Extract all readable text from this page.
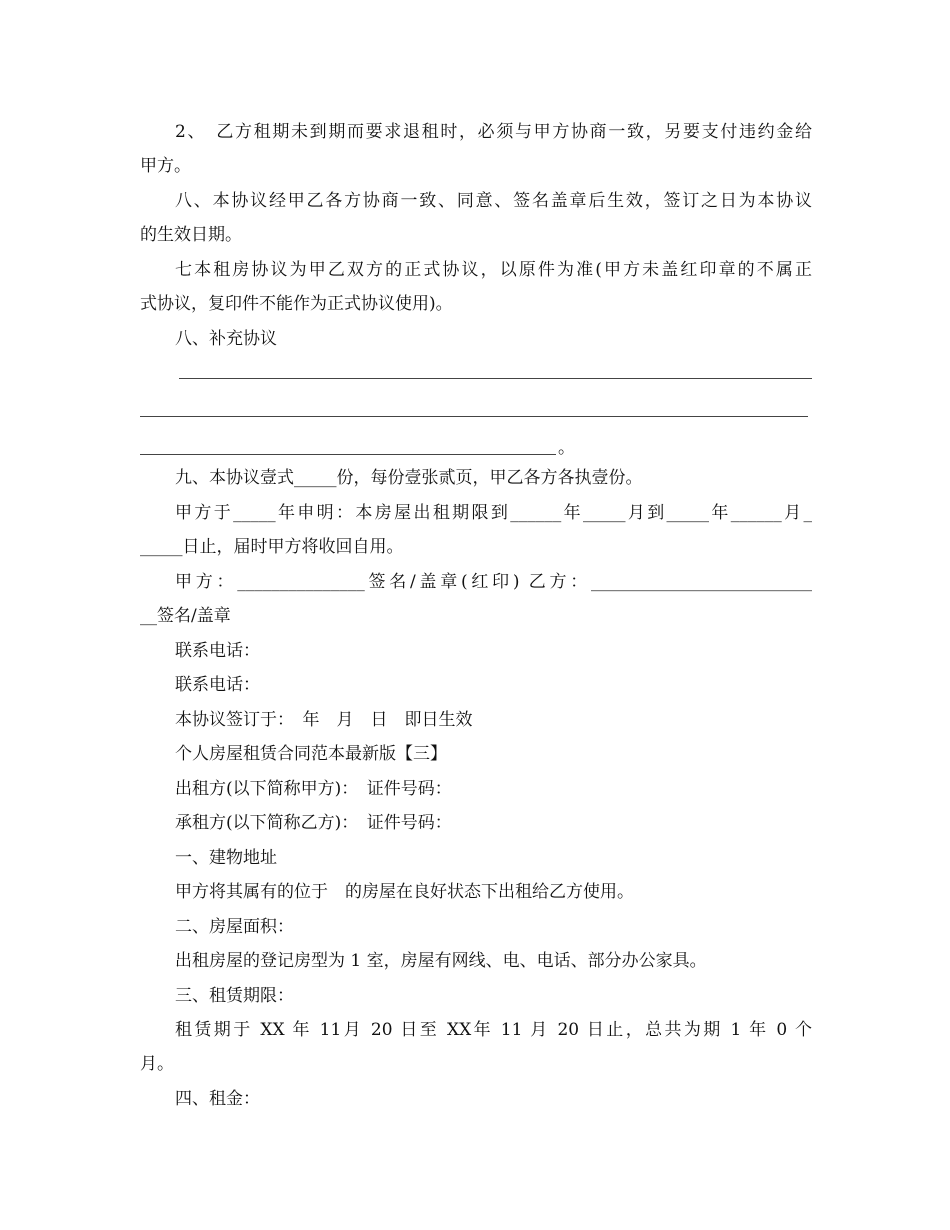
2、　乙方租期未到期而要求退租时，必须与甲方协商一致，另要支付违约金给
甲方。
八、本协议经甲乙各方协商一致、同意、签名盖章后生效，签订之日为本协议
的生效日期。
七本租房协议为甲乙双方的正式协议，以原件为准(甲方未盖红印章的不属正
式协议，复印件不能作为正式协议使用)。
八、补充协议
。
九、本协议壹式_____份，每份壹张贰页，甲乙各方各执壹份。
甲方于_____年申明：本房屋出租期限到______年_____月到_____年______月_
_____日止，届时甲方将收回自用。
甲方：_______________签名/盖章(红印) 乙方：__________________________
__签名/盖章
联系电话：
联系电话：
本协议签订于：　年　月　日　即日生效
个人房屋租赁合同范本最新版【三】
出租方(以下简称甲方)：　证件号码：
承租方(以下简称乙方)：　证件号码：
一、建物地址
甲方将其属有的位于　的房屋在良好状态下出租给乙方使用。
二、房屋面积：
出租房屋的登记房型为 1 室，房屋有网线、电、电话、部分办公家具。
三、租赁期限：
租赁期于 XX 年 11月 20 日至 XX年 11 月 20 日止，总共为期 1 年 0 个
月。
四、租金：
